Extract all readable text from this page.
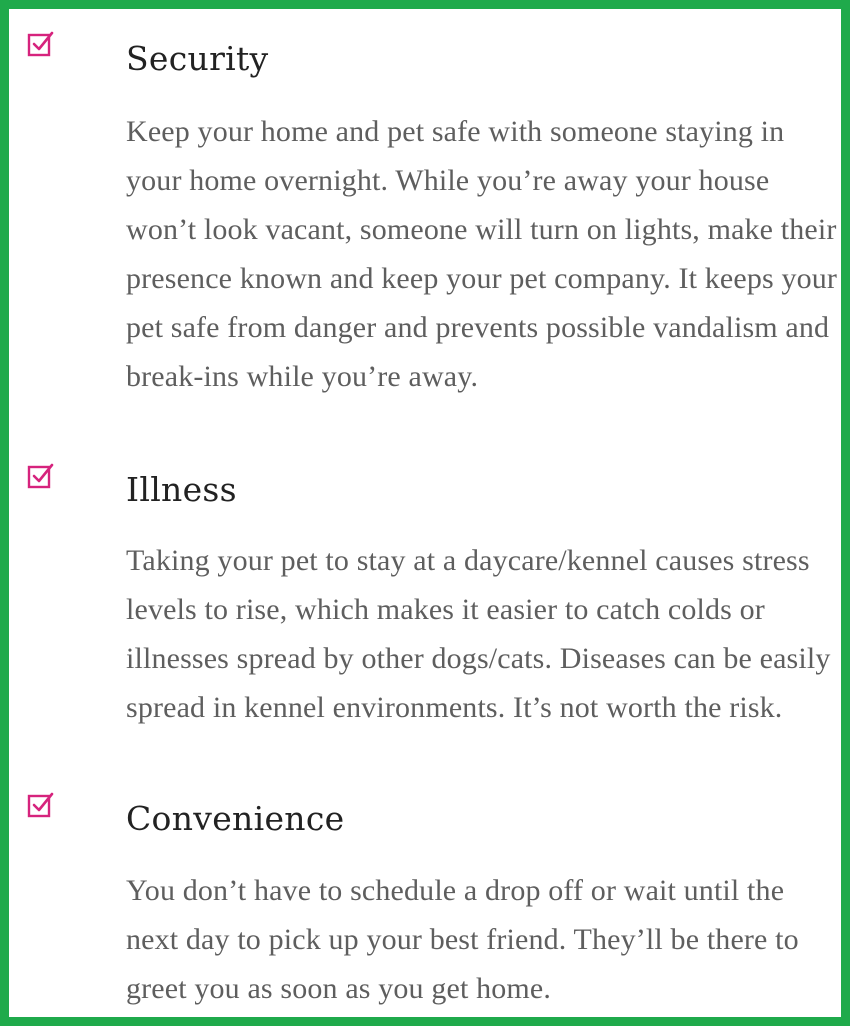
Security

Keep your home and pet safe with someone staying in your home overnight. While you’re away your house won’t look vacant, someone will turn on lights, make their presence known and keep your pet company. It keeps your pet safe from danger and prevents possible vandalism and break-ins while you’re away.

Illness

Taking your pet to stay at a daycare/kennel causes stress levels to rise, which makes it easier to catch colds or illnesses spread by other dogs/cats. Diseases can be easily spread in kennel environments. It’s not worth the risk.

Convenience

You don’t have to schedule a drop off or wait until the next day to pick up your best friend. They’ll be there to greet you as soon as you get home.
